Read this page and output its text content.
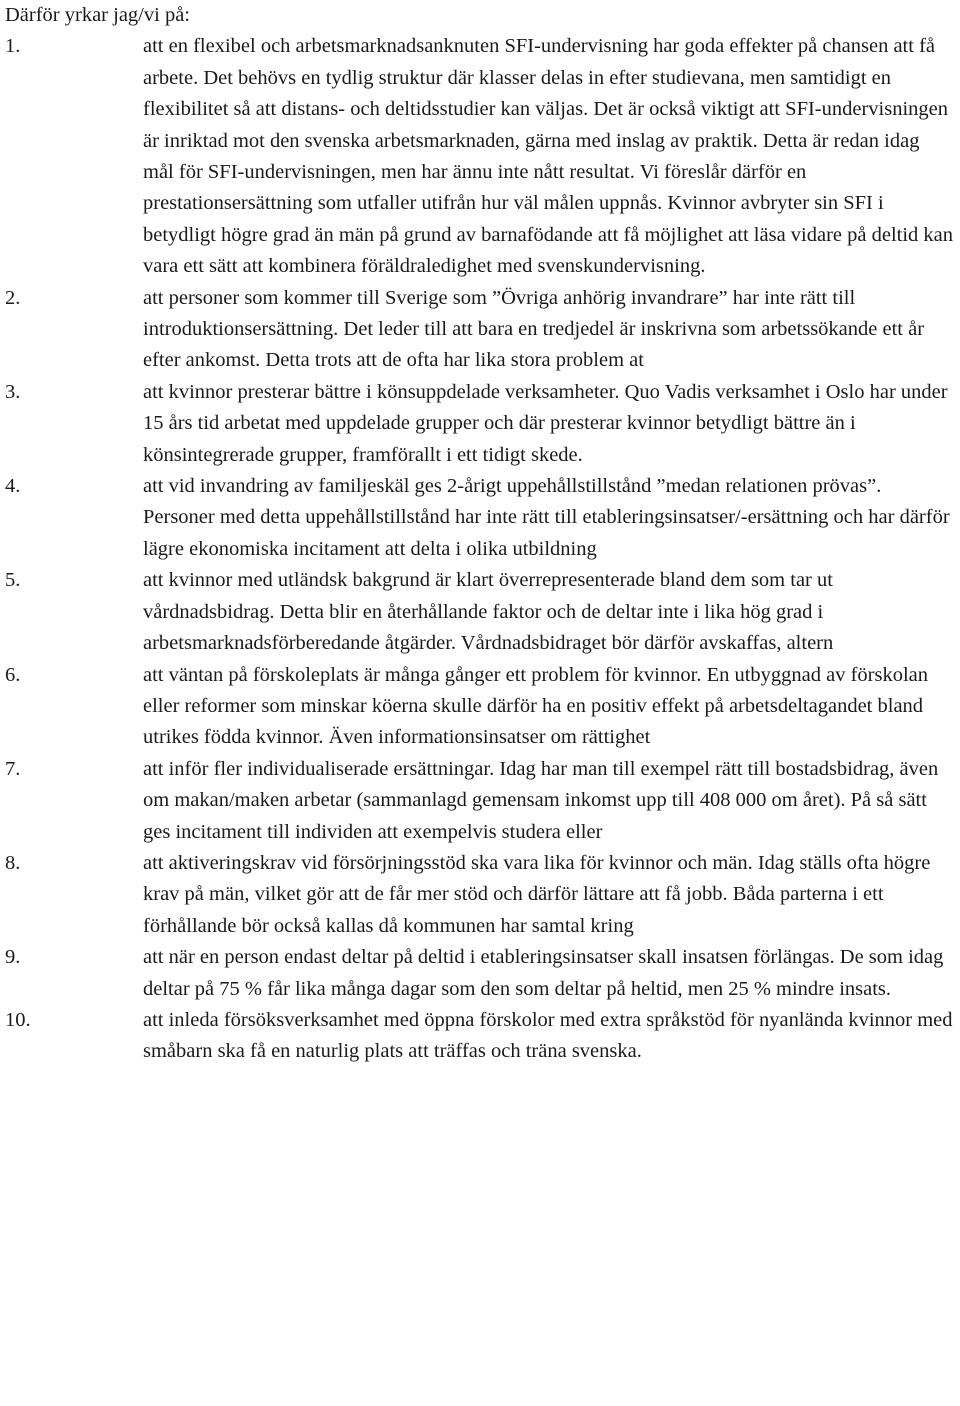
Därför yrkar jag/vi på:

1.	att en flexibel och arbetsmarknadsanknuten SFI-undervisning har goda effekter på chansen att få arbete. Det behövs en tydlig struktur där klasser delas in efter studievana, men samtidigt en flexibilitet så att distans- och deltidsstudier kan väljas. Det är också viktigt att SFI-undervisningen är inriktad mot den svenska arbetsmarknaden, gärna med inslag av praktik. Detta är redan idag mål för SFI-undervisningen, men har ännu inte nått resultat. Vi föreslår därför en prestationsersättning som utfaller utifrån hur väl målen uppnås. Kvinnor avbryter sin SFI i betydligt högre grad än män på grund av barnafödande att få möjlighet att läsa vidare på deltid kan vara ett sätt att kombinera föräldraledighet med svenskundervisning.
2.	att personer som kommer till Sverige som ”Övriga anhörig invandrare” har inte rätt till introduktionsersättning. Det leder till att bara en tredjedel är inskrivna som arbetssökande ett år efter ankomst. Detta trots att de ofta har lika stora problem at
3.	att kvinnor presterar bättre i könsuppdelade verksamheter. Quo Vadis verksamhet i Oslo har under 15 års tid arbetat med uppdelade grupper och där presterar kvinnor betydligt bättre än i könsintegrerade grupper, framförallt i ett tidigt skede.
4.	att vid invandring av familjeskäl ges 2-årigt uppehållstillstånd ”medan relationen prövas”. Personer med detta uppehållstillstånd har inte rätt till etableringsinsatser/-ersättning och har därför lägre ekonomiska incitament att delta i olika utbildning
5.	att kvinnor med utländsk bakgrund är klart överrepresenterade bland dem som tar ut vårdnadsbidrag. Detta blir en återhållande faktor och de deltar inte i lika hög grad i arbetsmarknadsförberedande åtgärder. Vårdnadsbidraget bör därför avskaffas, altern
6.	att väntan på förskoleplats är många gånger ett problem för kvinnor. En utbyggnad av förskolan eller reformer som minskar köerna skulle därför ha en positiv effekt på arbetsdeltagandet bland utrikes födda kvinnor. Även informationsinsatser om rättighet
7.	att inför fler individualiserade ersättningar. Idag har man till exempel rätt till bostadsbidrag, även om makan/maken arbetar (sammanlagd gemensam inkomst upp till 408 000 om året). På så sätt ges incitament till individen att exempelvis studera eller
8.	att aktiveringskrav vid försörjningsstöd ska vara lika för kvinnor och män. Idag ställs ofta högre krav på män, vilket gör att de får mer stöd och därför lättare att få jobb. Båda parterna i ett förhållande bör också kallas då kommunen har samtal kring
9.	att när en person endast deltar på deltid i etableringsinsatser skall insatsen förlängas. De som idag deltar på 75 % får lika många dagar som den som deltar på heltid, men 25 % mindre insats.
10.	att inleda försöksverksamhet med öppna förskolor med extra språkstöd för nyanlända kvinnor med småbarn ska få en naturlig plats att träffas och träna svenska.
